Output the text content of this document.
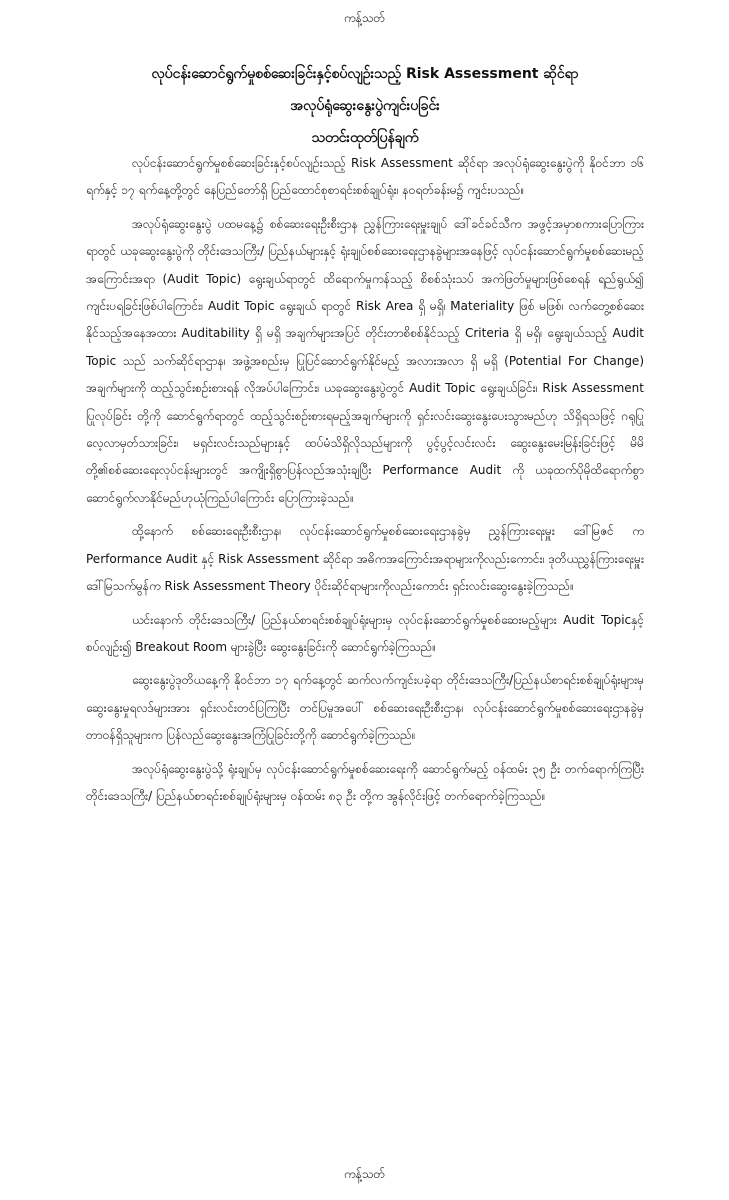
ကန့်သတ်
လုပ်ငန်းဆောင်ရွက်မှုစစ်ဆေးခြင်းနှင့်စပ်လျဉ်းသည့် Risk Assessment ဆိုင်ရာ
အလုပ်ရုံဆွေးနွေးပွဲကျင်းပခြင်း
သတင်းထုတ်ပြန်ချက်

လုပ်ငန်းဆောင်ရွက်မှုစစ်ဆေးခြင်းနှင့်စပ်လျဉ်းသည့် Risk Assessment ဆိုင်ရာ အလုပ်ရုံဆွေးနွေးပွဲကို နိုဝင်ဘာ ၁၆ ရက်နှင့် ၁၇ ရက်နေ့တို့တွင် နေပြည်တော်ရှိ ပြည်ထောင်စုစာရင်းစစ်ချုပ်ရုံး၊ နဝရတ်ခန်းမ၌ ကျင်းပသည်။

အလုပ်ရုံဆွေးနွေးပွဲ ပထမနေ့၌ စစ်ဆေးရေးဦးစီးဌာန ညွှန်ကြားရေးမှူးချုပ် ဒေါ်ခင်ခင်သီက အဖွင့်အမှာစကားပြောကြားရာတွင် ယခုဆွေးနွေးပွဲကို တိုင်းဒေသကြီး/ ပြည်နယ်များနှင့် ရုံးချုပ်စစ်ဆေးရေးဌာနခွဲများအနေဖြင့် လုပ်ငန်းဆောင်ရွက်မှုစစ်ဆေးမည့် အကြောင်းအရာ (Audit Topic) ရွေးချယ်ရာတွင် ထိရောက်မှုကန်သည့် စိစစ်သုံးသပ် အကဲဖြတ်မှုများဖြစ်စေရန် ရည်ရွယ်၍ ကျင်းပရခြင်းဖြစ်ပါကြောင်း၊ Audit Topic ရွေးချယ် ရာတွင် Risk Area ရှိ မရှိ၊ Materiality ဖြစ် မဖြစ်၊ လက်တွေ့စစ်ဆေးနိုင်သည့်အနေအထား Auditability ရှိ မရှိ အချက်များအပြင် တိုင်းတာစိစစ်နိုင်သည့် Criteria ရှိ မရှိ၊ ရွေးချယ်သည့် Audit Topic သည် သက်ဆိုင်ရာဌာန၊ အဖွဲ့အစည်းမှ ပြုပြင်ဆောင်ရွက်နိုင်မည့် အလားအလာ ရှိ မရှိ (Potential For Change) အချက်များကို ထည့်သွင်းစဉ်းစားရန် လိုအပ်ပါကြောင်း၊ ယခုဆွေးနွေးပွဲတွင် Audit Topic ရွေးချယ်ခြင်း၊ Risk Assessment ပြုလုပ်ခြင်း တို့ကို ဆောင်ရွက်ရာတွင် ထည့်သွင်းစဉ်းစားရမည့်အချက်များကို ရှင်းလင်းဆွေးနွေးပေးသွားမည်ဟု သိရှိရသဖြင့် ဂရုပြုလေ့လာမှတ်သားခြင်း၊ မရှင်းလင်းသည်များနှင့် ထပ်မံသိရှိလိုသည်များကို ပွင့်ပွင့်လင်းလင်း ဆွေးနွေးမေးမြန်းခြင်းဖြင့် မိမိတို့၏စစ်ဆေးရေးလုပ်ငန်းများတွင် အကျိုးရှိစွာပြန်လည်အသုံးချပြီး Performance Audit ကို ယခုထက်ပိုမိုထိရောက်စွာ ဆောင်ရွက်လာနိုင်မည်ဟုယုံကြည်ပါကြောင်း ပြောကြားခဲ့သည်။

ထို့နောက် စစ်ဆေးရေးဦးစီးဌာန၊ လုပ်ငန်းဆောင်ရွက်မှုစစ်ဆေးရေးဌာနခွဲမှ ညွှန်ကြားရေးမှူး ဒေါ်မြဇင် က Performance Audit နှင့် Risk Assessment ဆိုင်ရာ အဓိကအကြောင်းအရာများကိုလည်းကောင်း၊ ဒုတိယညွှန်ကြားရေးမှူး ဒေါ်မြသက်မွန်က Risk Assessment Theory ပိုင်းဆိုင်ရာများကိုလည်းကောင်း ရှင်းလင်းဆွေးနွေးခဲ့ကြသည်။

ယင်းနောက် တိုင်းဒေသကြီး/ ပြည်နယ်စာရင်းစစ်ချုပ်ရုံးများမှ လုပ်ငန်းဆောင်ရွက်မှုစစ်ဆေးမည့်များ Audit Topicနှင့်စပ်လျဉ်း၍ Breakout Room များခွဲပြီး ဆွေးနွေးခြင်းကို ဆောင်ရွက်ခဲ့ကြသည်။

ဆွေးနွေးပွဲဒုတိယနေ့ကို နိုဝင်ဘာ ၁၇ ရက်နေ့တွင် ဆက်လက်ကျင်းပခဲ့ရာ တိုင်းဒေသကြီး/ပြည်နယ်စာရင်းစစ်ချုပ်ရုံးများမှ ဆွေးနွေးမှုရလဒ်များအား ရှင်းလင်းတင်ပြကြပြီး တင်ပြမှုအပေါ် စစ်ဆေးရေးဦးစီးဌာန၊ လုပ်ငန်းဆောင်ရွက်မှုစစ်ဆေးရေးဌာနခွဲမှ တာဝန်ရှိသူများက ပြန်လည်ဆွေးနွေးအကြံပြုခြင်းတို့ကို ဆောင်ရွက်ခဲ့ကြသည်။

အလုပ်ရုံဆွေးနွေးပွဲသို့ ရုံးချုပ်မှ လုပ်ငန်းဆောင်ရွက်မှုစစ်ဆေးရေးကို ဆောင်ရွက်မည့် ဝန်ထမ်း ၃၅ ဦး တက်ရောက်ကြပြီး တိုင်းဒေသကြီး/ ပြည်နယ်စာရင်းစစ်ချုပ်ရုံးများမှ ဝန်ထမ်း ၈၃ ဦး တို့က အွန်လိုင်းဖြင့် တက်ရောက်ခဲ့ကြသည်။

ကန့်သတ်
